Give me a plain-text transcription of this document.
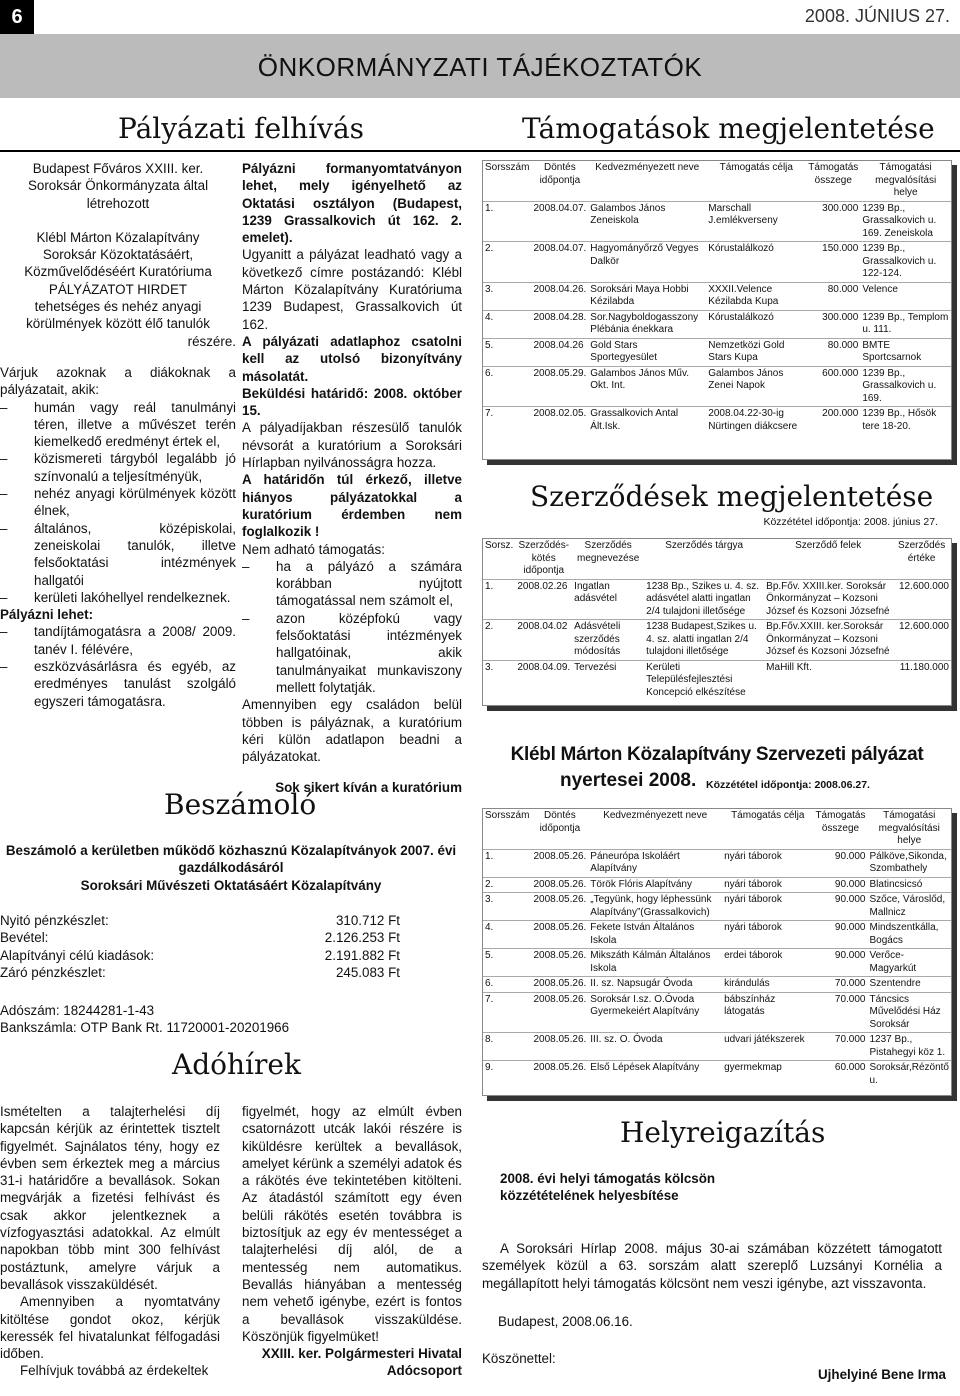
6	2008. JÚNIUS 27.
ÖNKORMÁNYZATI TÁJÉKOZTATÓK
Pályázati felhívás	Támogatások megjelentetése
Budapest Főváros XXIII. ker.
Soroksár Önkormányzata által
létrehozott
Klébl Márton Közalapítvány
Soroksár Közoktatásáért,
Közművelődéséért Kuratóriuma
PÁLYÁZATOT HIRDET
tehetséges és nehéz anyagi
körülmények között élő tanulók
részére.
Várjuk azoknak a diákoknak a pályázatait, akik:
– humán vagy reál tanulmányi téren, illetve a művészet terén kiemelkedő eredményt értek el,
– közismereti tárgyból legalább jó színvonalú a teljesítményük,
– nehéz anyagi körülmények között élnek,
– általános, középiskolai, zeneiskolai tanulók, illetve felsőoktatási intézmények hallgatói
– kerületi lakóhellyel rendelkeznek.
Pályázni lehet:
– tandíjtámogatásra a 2008/ 2009. tanév I. félévére,
– eszközvásárlásra és egyéb, az eredményes tanulást szolgáló egyszeri támogatásra.
Pályázni formanyomtatványon lehet, mely igényelhető az Oktatási osztályon (Budapest, 1239 Grassalkovich út 162. 2. emelet).
Ugyanitt a pályázat leadható vagy a következő címre postázandó: Klébl Márton Közalapítvány Kuratóriuma 1239 Budapest, Grassalkovich út 162.
A pályázati adatlaphoz csatolni kell az utolsó bizonyítvány másolatát.
Beküldési határidő: 2008. október 15.
A pályadíjakban részesülő tanulók névsorát a kuratórium a Soroksári Hírlapban nyilvánosságra hozza.
A határidőn túl érkező, illetve hiányos pályázatokkal a kuratórium érdemben nem foglalkozik !
Nem adható támogatás:
– ha a pályázó a számára korábban nyújtott támogatással nem számolt el,
– azon középfokú vagy felsőoktatási intézmények hallgatóinak, akik tanulmányaikat munkaviszony mellett folytatják.
Amennyiben egy családon belül többen is pályáznak, a kuratórium kéri külön adatlapon beadni a pályázatokat.
Sok sikert kíván a kuratórium
Beszámoló
Beszámoló a kerületben működő közhasznú Közalapítványok 2007. évi gazdálkodásáról
Soroksári Művészeti Oktatásáért Közalapítvány
Nyitó pénzkészlet:	310.712 Ft
Bevétel:	2.126.253 Ft
Alapítványi célú kiadások:	2.191.882 Ft
Záró pénzkészlet:	245.083 Ft
Adószám: 18244281-1-43
Bankszámla: OTP Bank Rt. 11720001-20201966
Adóhírek
Ismételten a talajterhelési díj kapcsán kérjük az érintettek tisztelt figyelmét. Sajnálatos tény, hogy ez évben sem érkeztek meg a március 31-i határidőre a bevallások. Sokan megvárják a fizetési felhívást és csak akkor jelentkeznek a vízfogyasztási adatokkal. Az elmúlt napokban több mint 300 felhívást postáztunk, amelyre várjuk a bevallások visszaküldését.
Amennyiben a nyomtatvány kitöltése gondot okoz, kérjük keressék fel hivatalunkat félfogadási időben.
Felhívjuk továbbá az érdekeltek
figyelmét, hogy az elmúlt évben csatornázott utcák lakói részére is kiküldésre kerültek a bevallások, amelyet kérünk a személyi adatok és a rákötés éve tekintetében kitölteni. Az átadástól számított egy éven belüli rákötés esetén továbbra is biztosítjuk az egy év mentességet a talajterhelési díj alól, de a mentesség nem automatikus. Bevallás hiányában a mentesség nem vehető igénybe, ezért is fontos a bevallások visszaküldése. Köszönjük figyelmüket!
XXIII. ker. Polgármesteri Hivatal
Adócsoport
Sorsszám	Döntés időpontja	Kedvezményezett neve	Támogatás célja	Támogatás összege	Támogatási megvalósítási helye
1.	2008.04.07.	Galambos János Zeneiskola	Marschall J.emlékverseny	300.000	1239 Bp., Grassalkovich u. 169. Zeneiskola
2.	2008.04.07.	Hagyományőrző Vegyes Dalkör	Kórustalálkozó	150.000	1239 Bp., Grassalkovich u. 122-124.
3.	2008.04.26.	Soroksári Maya Hobbi Kézilabda	XXXII.Velence Kézilabda Kupa	80.000	Velence
4.	2008.04.28.	Sor.Nagyboldogasszony Plébánia énekkara	Kórustalálkozó	300.000	1239 Bp., Templom u. 111.
5.	2008.04.26	Gold Stars Sportegyesület	Nemzetközi Gold Stars Kupa	80.000	BMTE Sportcsarnok
6.	2008.05.29.	Galambos János Műv. Okt. Int.	Galambos János Zenei Napok	600.000	1239 Bp., Grassalkovich u. 169.
7.	2008.02.05.	Grassalkovich Antal Ált.Isk.	2008.04.22-30-ig Nürtingen diákcsere	200.000	1239 Bp., Hősök tere 18-20.
Szerződések megjelentetése
Közzététel időpontja: 2008. június 27.
Sorsz.	Szerződés-kötés időpontja	Szerződés megnevezése	Szerződés tárgya	Szerződő felek	Szerződés értéke
1.	2008.02.26	Ingatlan adásvétel	1238 Bp., Szikes u. 4. sz. adásvétel alatti ingatlan 2/4 tulajdoni illetősége	Bp.Főv. XXIII.ker. Soroksár Önkormányzat – Kozsoni József és Kozsoni Józsefné	12.600.000
2.	2008.04.02	Adásvételi szerződés módosítás	1238 Budapest,Szikes u. 4. sz. alatti ingatlan 2/4 tulajdoni illetősége	Bp.Főv.XXIII. ker.Soroksár Önkormányzat – Kozsoni József és Kozsoni Józsefné	12.600.000
3.	2008.04.09.	Tervezési	Kerületi Településfejlesztési Koncepció elkészítése	MaHill Kft.	11.180.000
Klébl Márton Közalapítvány Szervezeti pályázat
nyertesei 2008. Közzététel időpontja: 2008.06.27.
Sorsszám	Döntés időpontja	Kedvezményezett neve	Támogatás célja	Támogatás összege	Támogatási megvalósítási helye
1.	2008.05.26.	Páneurópa Iskoláért Alapítvány	nyári táborok	90.000	Pálköve,Sikonda, Szombathely
2.	2008.05.26.	Török Flóris Alapítvány	nyári táborok	90.000	Blatincsicsó
3.	2008.05.26.	„Tegyünk, hogy léphessünk Alapítvány”(Grassalkovich)	nyári táborok	90.000	Szőce, Városlőd, Mallnicz
4.	2008.05.26.	Fekete István Általános Iskola	nyári táborok	90.000	Mindszentkálla, Bogács
5.	2008.05.26.	Mikszáth Kálmán Általános Iskola	erdei táborok	90.000	Verőce-Magyarkút
6.	2008.05.26.	II. sz. Napsugár Óvoda	kirándulás	70.000	Szentendre
7.	2008.05.26.	Soroksár I.sz. O.Óvoda Gyermekeiért Alapítvány	bábszínház látogatás	70.000	Táncsics Művelődési Ház Soroksár
8.	2008.05.26.	III. sz. O. Óvoda	udvari játékszerek	70.000	1237 Bp., Pistahegyi köz 1.
9.	2008.05.26.	Első Lépések Alapítvány	gyermekmap	60.000	Soroksár,Rézöntő u.
Helyreigazítás
2008. évi helyi támogatás kölcsön közzétételének helyesbítése
A Soroksári Hírlap 2008. május 30-ai számában közzétett támogatott személyek közül a 63. sorszám alatt szereplő Luzsányi Kornélia a megállapított helyi támogatás kölcsönt nem veszi igénybe, azt visszavonta.
Budapest, 2008.06.16.
Köszönettel:
Ujhelyiné Bene Irma
